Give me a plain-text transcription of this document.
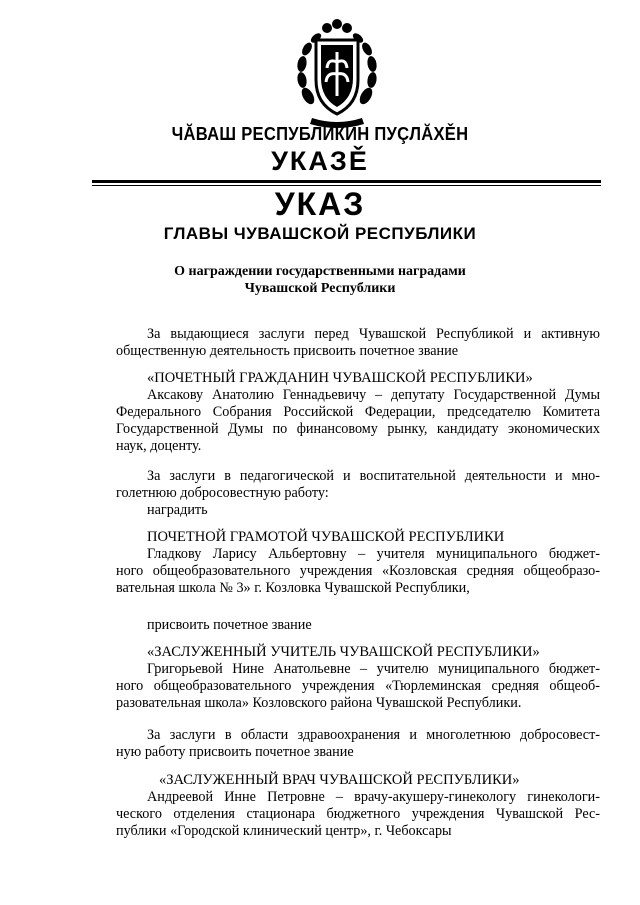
ЧĂВАШ РЕСПУБЛИКИН ПУÇЛĂХĚН
УКАЗĚ
УКАЗ
ГЛАВЫ ЧУВАШСКОЙ РЕСПУБЛИКИ
О награждении государственными наградами
Чувашской Республики
За выдающиеся заслуги перед Чувашской Республикой и активную
общественную деятельность присвоить почетное звание
«ПОЧЕТНЫЙ ГРАЖДАНИН ЧУВАШСКОЙ РЕСПУБЛИКИ»
Аксакову Анатолию Геннадьевичу – депутату Государственной Думы
Федерального Собрания Российской Федерации, председателю Комитета
Государственной Думы по финансовому рынку, кандидату экономических
наук, доценту.
За заслуги в педагогической и воспитательной деятельности и мно-
голетнюю добросовестную работу:
наградить
ПОЧЕТНОЙ ГРАМОТОЙ ЧУВАШСКОЙ РЕСПУБЛИКИ
Гладкову Ларису Альбертовну – учителя муниципального бюджет-
ного общеобразовательного учреждения «Козловская средняя общеобразо-
вательная школа № 3» г. Козловка Чувашской Республики,
присвоить почетное звание
«ЗАСЛУЖЕННЫЙ УЧИТЕЛЬ ЧУВАШСКОЙ РЕСПУБЛИКИ»
Григорьевой Нине Анатольевне – учителю муниципального бюджет-
ного общеобразовательного учреждения «Тюрлеминская средняя общеоб-
разовательная школа» Козловского района Чувашской Республики.
За заслуги в области здравоохранения и многолетнюю добросовест-
ную работу присвоить почетное звание
«ЗАСЛУЖЕННЫЙ ВРАЧ ЧУВАШСКОЙ РЕСПУБЛИКИ»
Андреевой Инне Петровне – врачу-акушеру-гинекологу гинекологи-
ческого отделения стационара бюджетного учреждения Чувашской Рес-
публики «Городской клинический центр», г. Чебоксары
